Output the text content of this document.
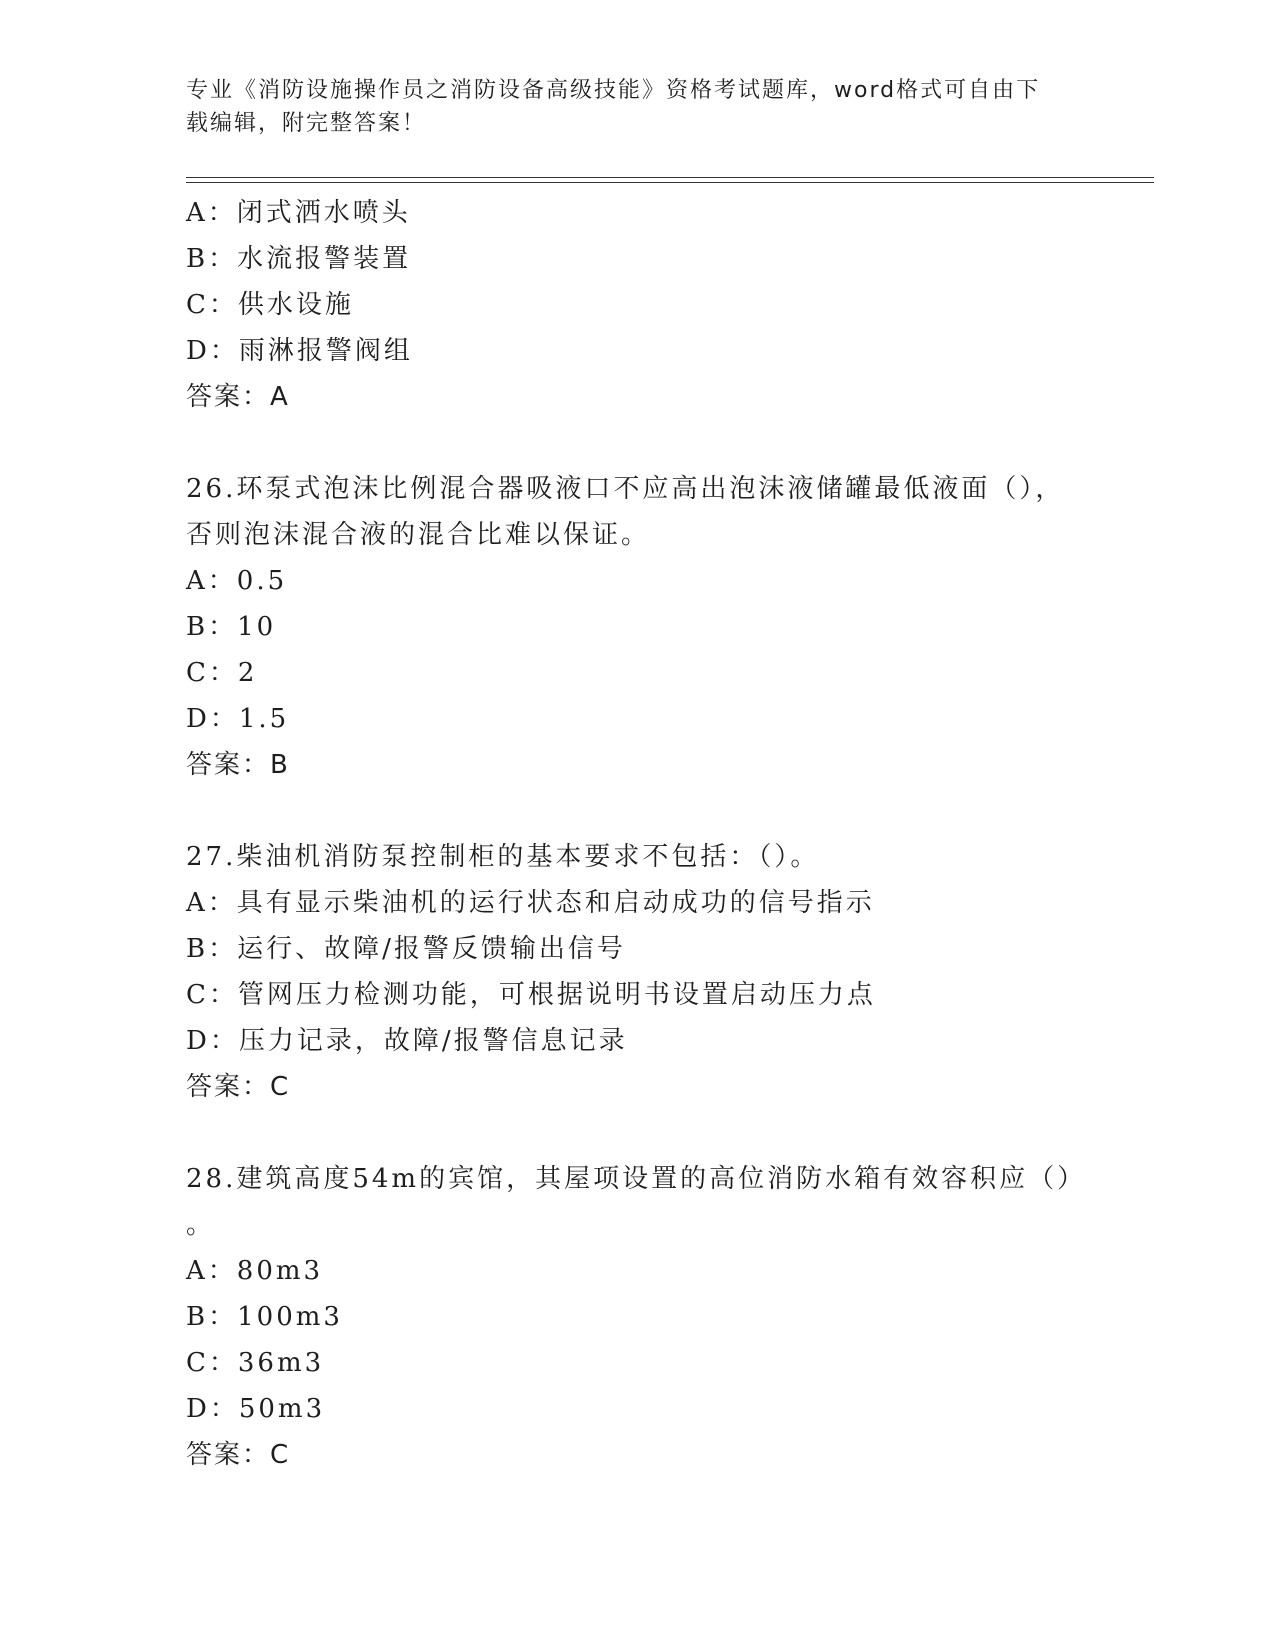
专业《消防设施操作员之消防设备高级技能》资格考试题库，word格式可自由下
载编辑，附完整答案！
A：闭式洒水喷头
B：水流报警装置
C：供水设施
D：雨淋报警阀组
答案：A
26.环泵式泡沫比例混合器吸液口不应高出泡沫液储罐最低液面（），
否则泡沫混合液的混合比难以保证。
A：0.5
B：10
C：2
D：1.5
答案：B
27.柴油机消防泵控制柜的基本要求不包括：（）。
A：具有显示柴油机的运行状态和启动成功的信号指示
B：运行、故障/报警反馈输出信号
C：管网压力检测功能，可根据说明书设置启动压力点
D：压力记录，故障/报警信息记录
答案：C
28.建筑高度54m的宾馆，其屋项设置的高位消防水箱有效容积应（）
。
A：80m3
B：100m3
C：36m3
D：50m3
答案：C
